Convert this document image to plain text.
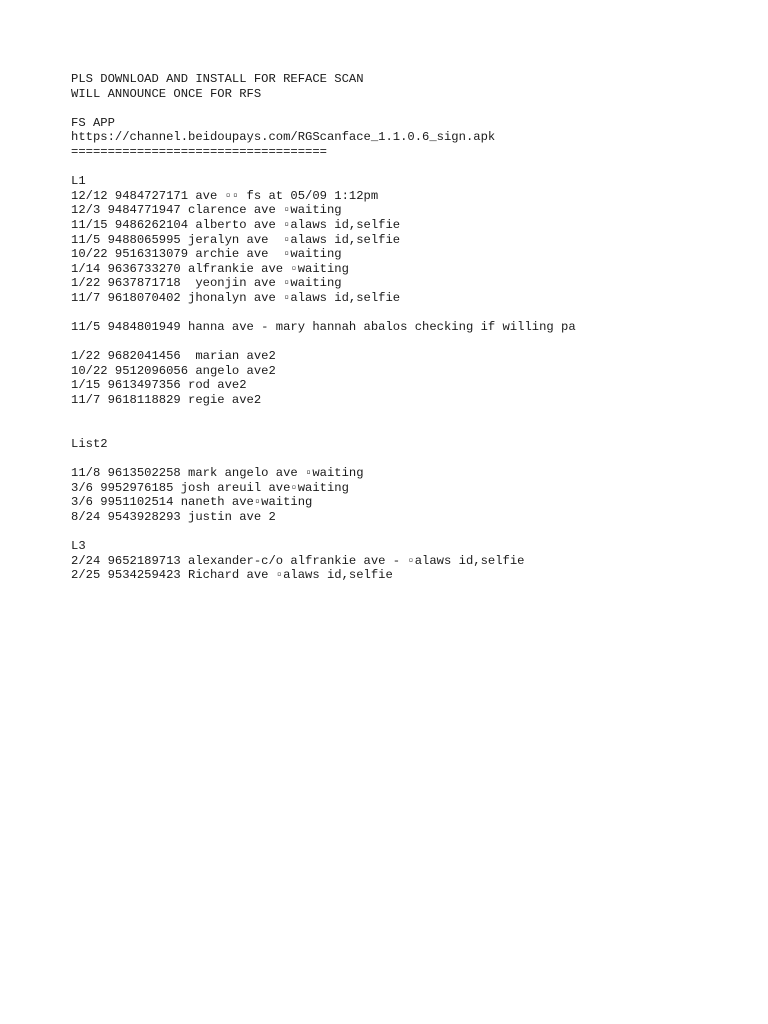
PLS DOWNLOAD AND INSTALL FOR REFACE SCAN
WILL ANNOUNCE ONCE FOR RFS
FS APP
https://channel.beidoupays.com/RGScanface_1.1.0.6_sign.apk
===================================
L1
12/12 9484727171 ave ▫▫ fs at 05/09 1:12pm
12/3 9484771947 clarence ave ▫waiting
11/15 9486262104 alberto ave ▫alaws id,selfie
11/5 9488065995 jeralyn ave  ▫alaws id,selfie
10/22 9516313079 archie ave  ▫waiting
1/14 9636733270 alfrankie ave ▫waiting
1/22 9637871718  yeonjin ave ▫waiting
11/7 9618070402 jhonalyn ave ▫alaws id,selfie
11/5 9484801949 hanna ave - mary hannah abalos checking if willing pa
1/22 9682041456  marian ave2
10/22 9512096056 angelo ave2
1/15 9613497356 rod ave2
11/7 9618118829 regie ave2
List2
11/8 9613502258 mark angelo ave ▫waiting
3/6 9952976185 josh areuil ave▫waiting
3/6 9951102514 naneth ave▫waiting
8/24 9543928293 justin ave 2
L3
2/24 9652189713 alexander-c/o alfrankie ave - ▫alaws id,selfie
2/25 9534259423 Richard ave ▫alaws id,selfie
